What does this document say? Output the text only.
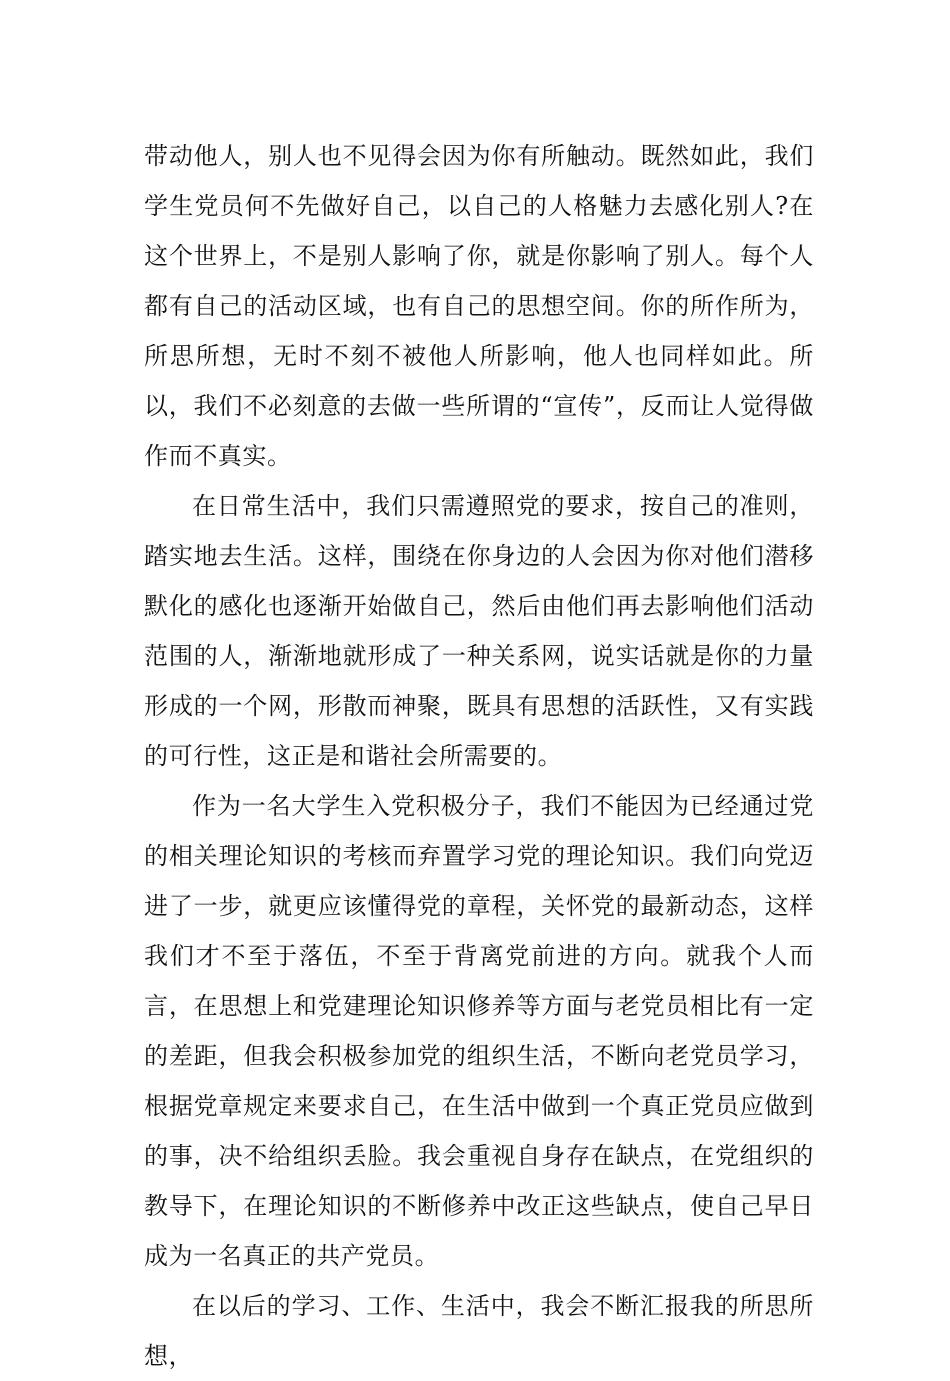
带动他人，别人也不见得会因为你有所触动。既然如此，我们学生党员何不先做好自己，以自己的人格魅力去感化别人?在这个世界上，不是别人影响了你，就是你影响了别人。每个人都有自己的活动区域，也有自己的思想空间。你的所作所为，所思所想，无时不刻不被他人所影响，他人也同样如此。所以，我们不必刻意的去做一些所谓的“宣传”，反而让人觉得做作而不真实。

在日常生活中，我们只需遵照党的要求，按自己的准则，踏实地去生活。这样，围绕在你身边的人会因为你对他们潜移默化的感化也逐渐开始做自己，然后由他们再去影响他们活动范围的人，渐渐地就形成了一种关系网，说实话就是你的力量形成的一个网，形散而神聚，既具有思想的活跃性，又有实践的可行性，这正是和谐社会所需要的。

作为一名大学生入党积极分子，我们不能因为已经通过党的相关理论知识的考核而弃置学习党的理论知识。我们向党迈进了一步，就更应该懂得党的章程，关怀党的最新动态，这样我们才不至于落伍，不至于背离党前进的方向。就我个人而言，在思想上和党建理论知识修养等方面与老党员相比有一定的差距，但我会积极参加党的组织生活，不断向老党员学习，根据党章规定来要求自己，在生活中做到一个真正党员应做到的事，决不给组织丢脸。我会重视自身存在缺点，在党组织的教导下，在理论知识的不断修养中改正这些缺点，使自己早日成为一名真正的共产党员。

在以后的学习、工作、生活中，我会不断汇报我的所思所想，
